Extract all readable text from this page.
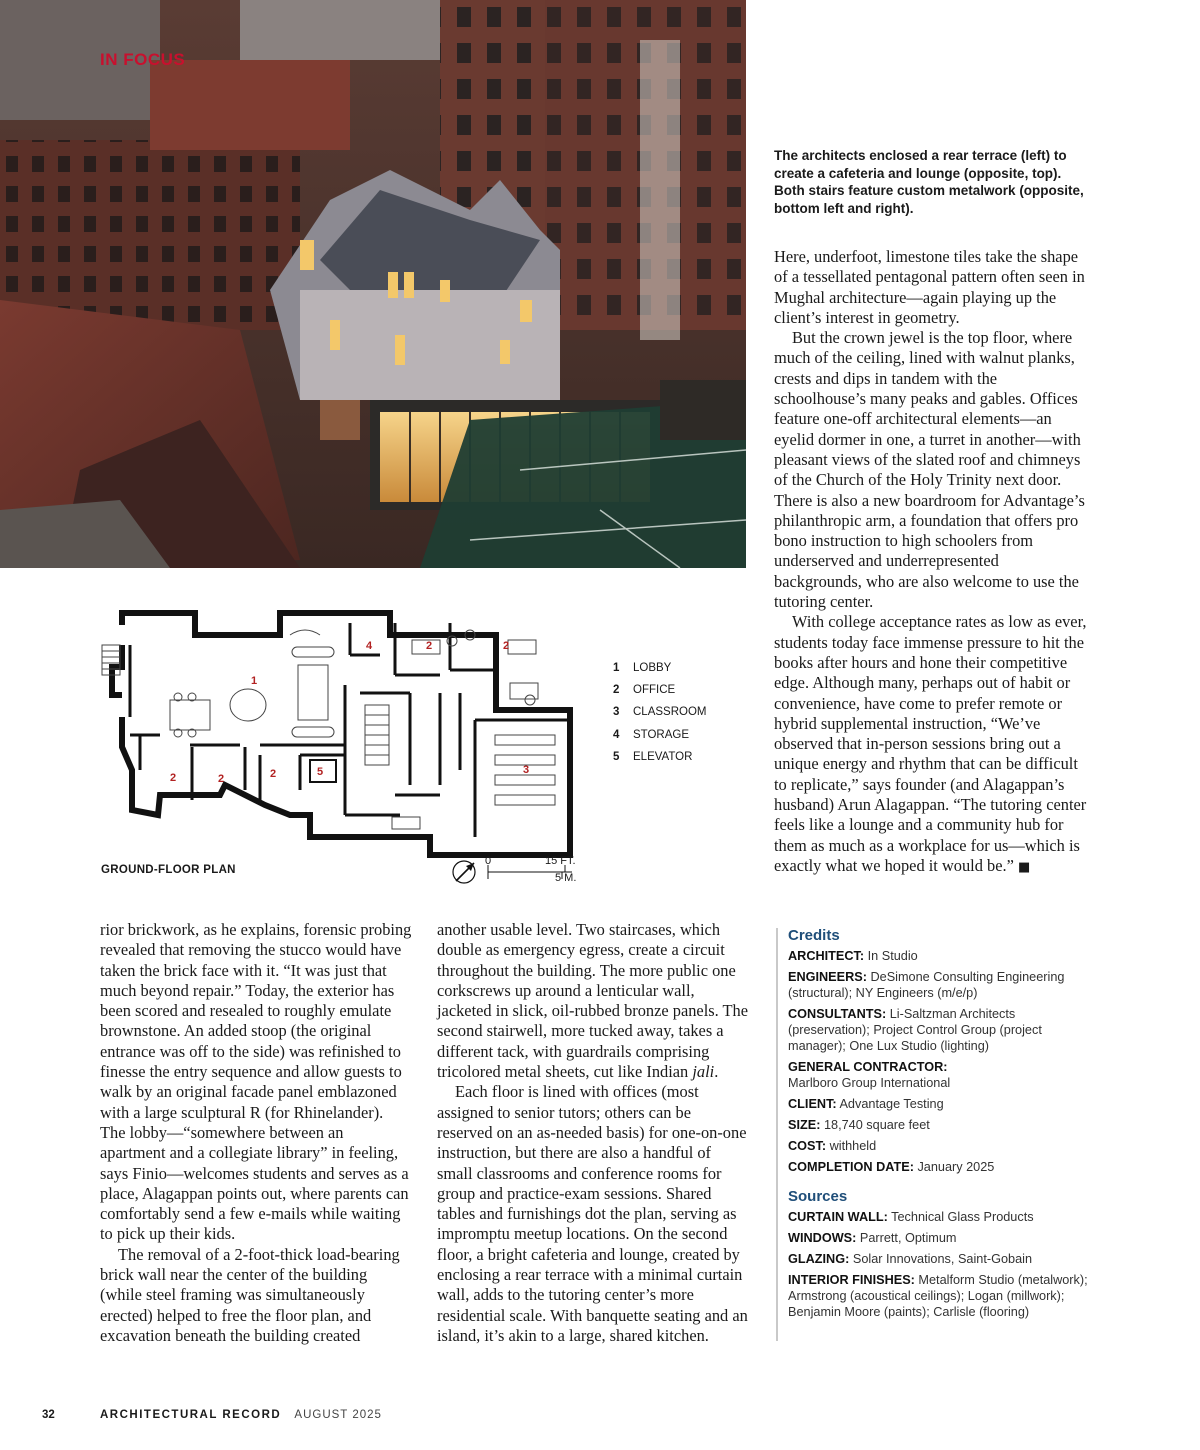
IN FOCUS
The architects enclosed a rear terrace (left) to create a cafeteria and lounge (opposite, top). Both stairs feature custom metalwork (opposite, bottom left and right).

Here, underfoot, limestone tiles take the shape of a tessellated pentagonal pattern often seen in Mughal architecture—again playing up the client’s interest in geometry.

But the crown jewel is the top floor, where much of the ceiling, lined with walnut planks, crests and dips in tandem with the schoolhouse’s many peaks and gables. Offices feature one-off architectural elements—an eyelid dormer in one, a turret in another—with pleasant views of the slated roof and chimneys of the Church of the Holy Trinity next door. There is also a new boardroom for Advantage’s philanthropic arm, a foundation that offers pro bono instruction to high schoolers from underserved and underrepresented backgrounds, who are also welcome to use the tutoring center.

With college acceptance rates as low as ever, students today face immense pressure to hit the books after hours and hone their competitive edge. Although many, perhaps out of habit or convenience, have come to prefer remote or hybrid supplemental instruction, “We’ve observed that in-person sessions bring out a unique energy and rhythm that can be difficult to replicate,” says founder (and Alagappan’s husband) Arun Alagappan. “The tutoring center feels like a lounge and a community hub for them as much as a workplace for us—which is exactly what we hoped it would be.” ■

1
4	2	2
2	2	2	5	3
1	LOBBY
2	OFFICE
3	CLASSROOM
4	STORAGE
5	ELEVATOR
GROUND-FLOOR PLAN
0	15 FT.
5 M.

rior brickwork, as he explains, forensic probing revealed that removing the stucco would have taken the brick face with it. “It was just that much beyond repair.” Today, the exterior has been scored and resealed to roughly emulate brownstone. An added stoop (the original entrance was off to the side) was refinished to finesse the entry sequence and allow guests to walk by an original facade panel emblazoned with a large sculptural R (for Rhinelander). The lobby—“somewhere between an apartment and a collegiate library” in feeling, says Finio—welcomes students and serves as a place, Alagappan points out, where parents can comfortably send a few e-mails while waiting to pick up their kids.

The removal of a 2-foot-thick load-bearing brick wall near the center of the building (while steel framing was simultaneously erected) helped to free the floor plan, and excavation beneath the building created

another usable level. Two staircases, which double as emergency egress, create a circuit throughout the building. The more public one corkscrews up around a lenticular wall, jacketed in slick, oil-rubbed bronze panels. The second stairwell, more tucked away, takes a different tack, with guardrails comprising tricolored metal sheets, cut like Indian jali.

Each floor is lined with offices (most assigned to senior tutors; others can be reserved on an as-needed basis) for one-on-one instruction, but there are also a handful of small classrooms and conference rooms for group and practice-exam sessions. Shared tables and furnishings dot the plan, serving as impromptu meetup locations. On the second floor, a bright cafeteria and lounge, created by enclosing a rear terrace with a minimal curtain wall, adds to the tutoring center’s more residential scale. With banquette seating and an island, it’s akin to a large, shared kitchen.

Credits
ARCHITECT: In Studio
ENGINEERS: DeSimone Consulting Engineering (structural); NY Engineers (m/e/p)
CONSULTANTS: Li-Saltzman Architects (preservation); Project Control Group (project manager); One Lux Studio (lighting)
GENERAL CONTRACTOR:
Marlboro Group International
CLIENT: Advantage Testing
SIZE: 18,740 square feet
COST: withheld
COMPLETION DATE: January 2025
Sources
CURTAIN WALL: Technical Glass Products
WINDOWS: Parrett, Optimum
GLAZING: Solar Innovations, Saint-Gobain
INTERIOR FINISHES: Metalform Studio (metalwork); Armstrong (acoustical ceilings); Logan (millwork); Benjamin Moore (paints); Carlisle (flooring)
32	ARCHITECTURAL RECORD AUGUST 2025
